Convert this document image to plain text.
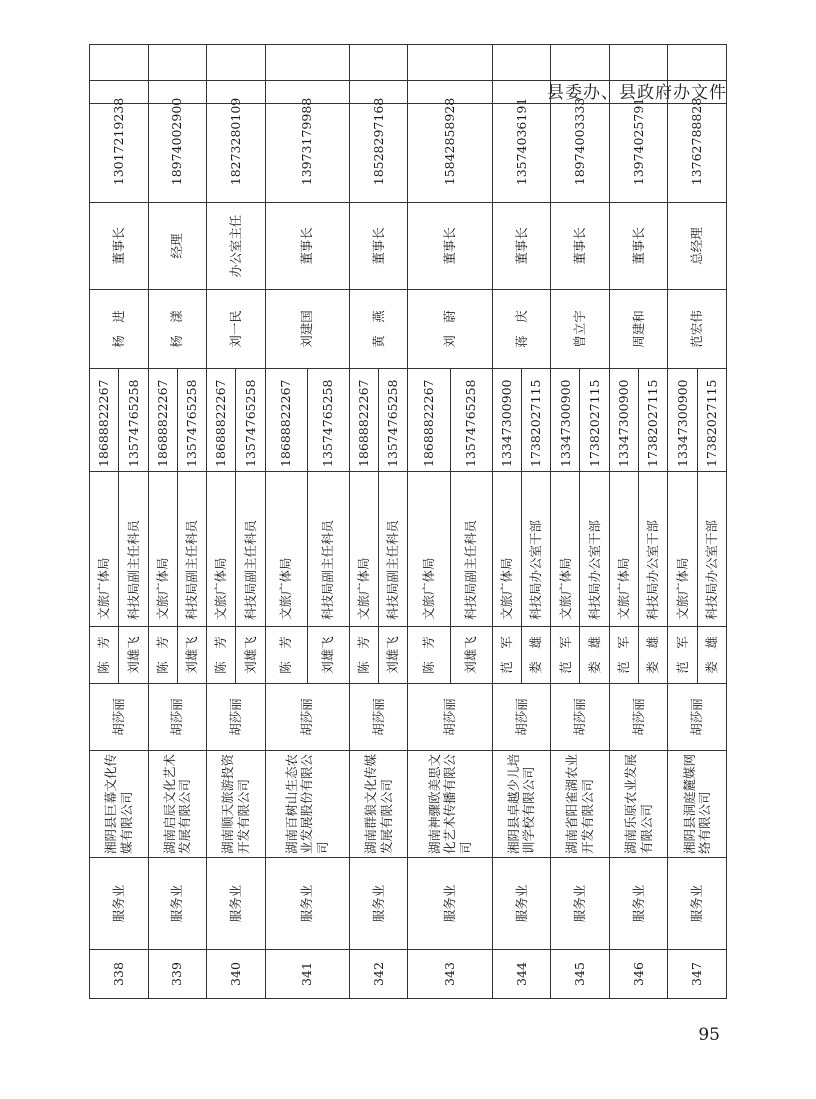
县委办、县政府办文件
338	服务业	湘阴县巨幕文化传媒有限公司	胡莎丽	陈　芳	文旅广体局	18688822267	杨　进	董事长	13017219238	
				刘雄飞	科技局副主任科员	13574765258				
339	服务业	湖南启辰文化艺术发展有限公司	胡莎丽	陈　芳	文旅广体局	18688822267	杨　漾	经理	18974002900	
				刘雄飞	科技局副主任科员	13574765258				
340	服务业	湖南顺天旅游投资开发有限公司	胡莎丽	陈　芳	文旅广体局	18688822267	刘一民	办公室主任	18273280109	
				刘雄飞	科技局副主任科员	13574765258				
341	服务业	湖南百树山生态农业发展股份有限公司	胡莎丽	陈　芳	文旅广体局	18688822267	刘建国	董事长	13973179988	
				刘雄飞	科技局副主任科员	13574765258				
342	服务业	湖南群狼文化传媒发展有限公司	胡莎丽	陈　芳	文旅广体局	18688822267	黄　燕	董事长	18528297168	
				刘雄飞	科技局副主任科员	13574765258				
343	服务业	湖南神骤欧美思文化艺术传播有限公司	胡莎丽	陈　芳	文旅广体局	18688822267	刘　蔚	董事长	15842858928	
				刘雄飞	科技局副主任科员	13574765258				
344	服务业	湘阴县卓越少儿培训学校有限公司	胡莎丽	范　军	文旅广体局	13347300900	蒋　庆	董事长	13574036191	
				娄　雄	科技局办公室干部	17382027115				
345	服务业	湖南省阳雀湖农业开发有限公司	胡莎丽	范　军	文旅广体局	13347300900	曾立宇	董事长	18974003333	
				娄　雄	科技局办公室干部	17382027115				
346	服务业	湖南乐原农业发展有限公司	胡莎丽	范　军	文旅广体局	13347300900	周建和	董事长	13974025791	
				娄　雄	科技局办公室干部	17382027115				
347	服务业	湘阴县洞庭麓媒网络有限公司	胡莎丽	范　军	文旅广体局	13347300900	范宏伟	总经理	13762788828	
				娄　雄	科技局办公室干部	17382027115				
95
